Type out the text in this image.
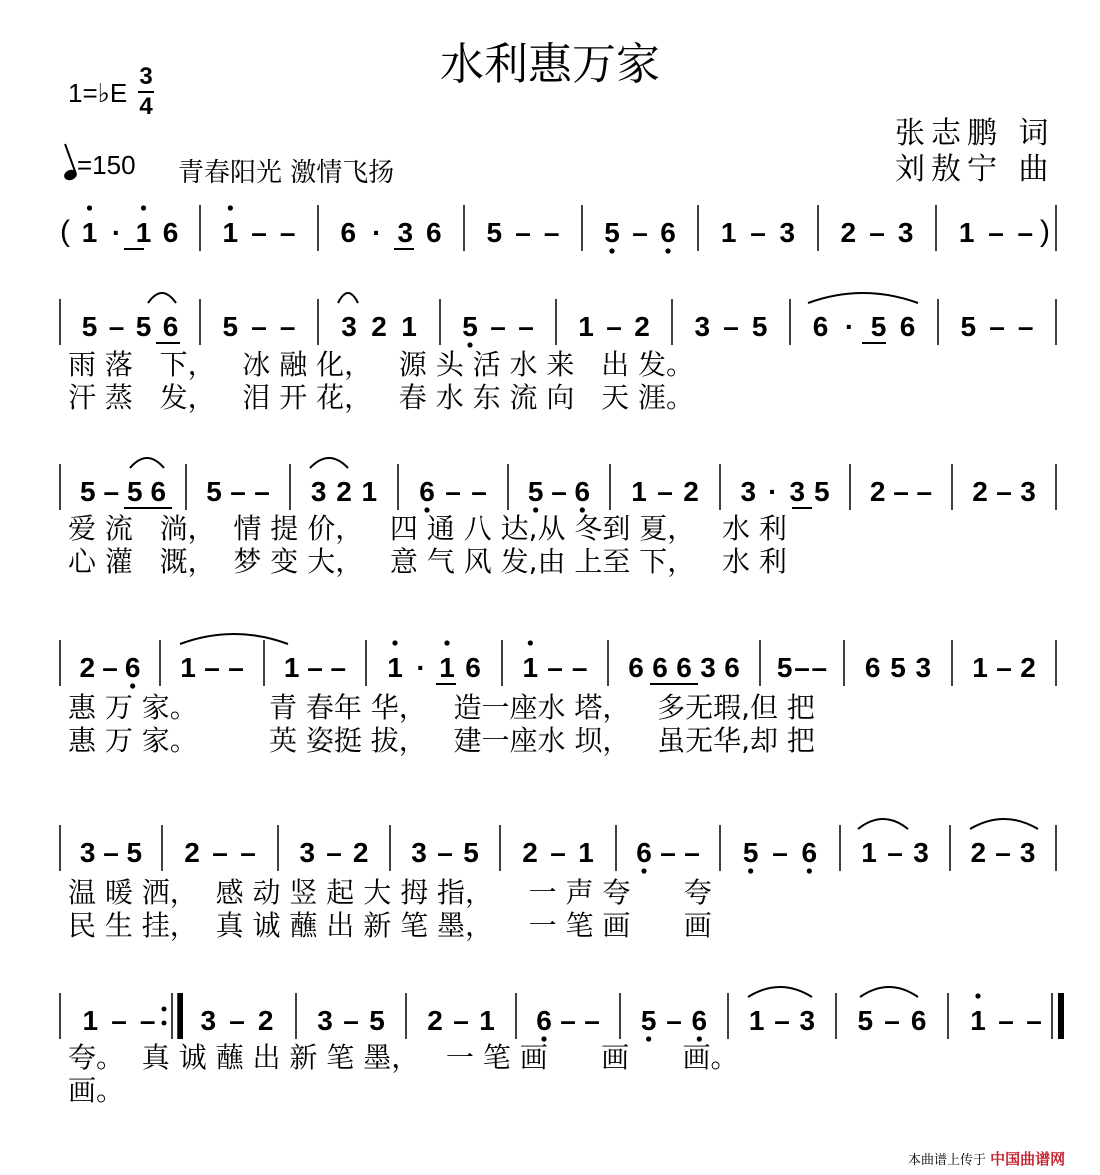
水利惠万家
1=♭E
3
4
=150 青春阳光 激情飞扬
张志鹏 词
刘敖宁 曲
(	)
1 · 1 6 1 – – 6 · 3 6 5 – – 5 – 6 1 – 3 2 – 3 1 – –
5 – 5 6 5 – – 3 2 1 5 – – 1 – 2 3 – 5 6 · 5 6 5 – –
雨 落   下，   冰 融 化，   源 头 活 水 来   出 发。
汗 蒸   发，   泪 开 花，   春 水 东 流 向   天 涯。
5 – 5 6 5 – – 3 2 1 6 – – 5 – 6 1 – 2 3 · 3 5 2 – – 2 – 3
爱 流   淌，  情 提 价，   四 通 八 达,从 冬到 夏，   水 利
心 灌   溉，  梦 变 大，   意 气 风 发,由 上至 下，   水 利
2 – 6 1 – – 1 – – 1 · 1 6 1 – – 6 6 6 3 6 5 – – 6 5 3 1 – 2
惠 万 家。        青 春年 华，   造一座水 塔，   多无瑕,但 把
惠 万 家。        英 姿挺 拔，   建一座水 坝，   虽无华,却 把
3 – 5 2 – – 3 – 2 3 – 5 2 – 1 6 – – 5 – 6 1 – 3 2 – 3
温 暖 洒，  感 动 竖 起 大 拇 指，    一 声 夸      夸
民 生 挂，  真 诚 蘸 出 新 笔 墨，    一 笔 画      画
1 – – 3 – 2 3 – 5 2 – 1 6 – – 5 – 6 1 – 3 5 – 6 1 – –
夸。  真 诚 蘸 出 新 笔 墨，   一 笔 画      画      画。
画。
本曲谱上传于 中国曲谱网
